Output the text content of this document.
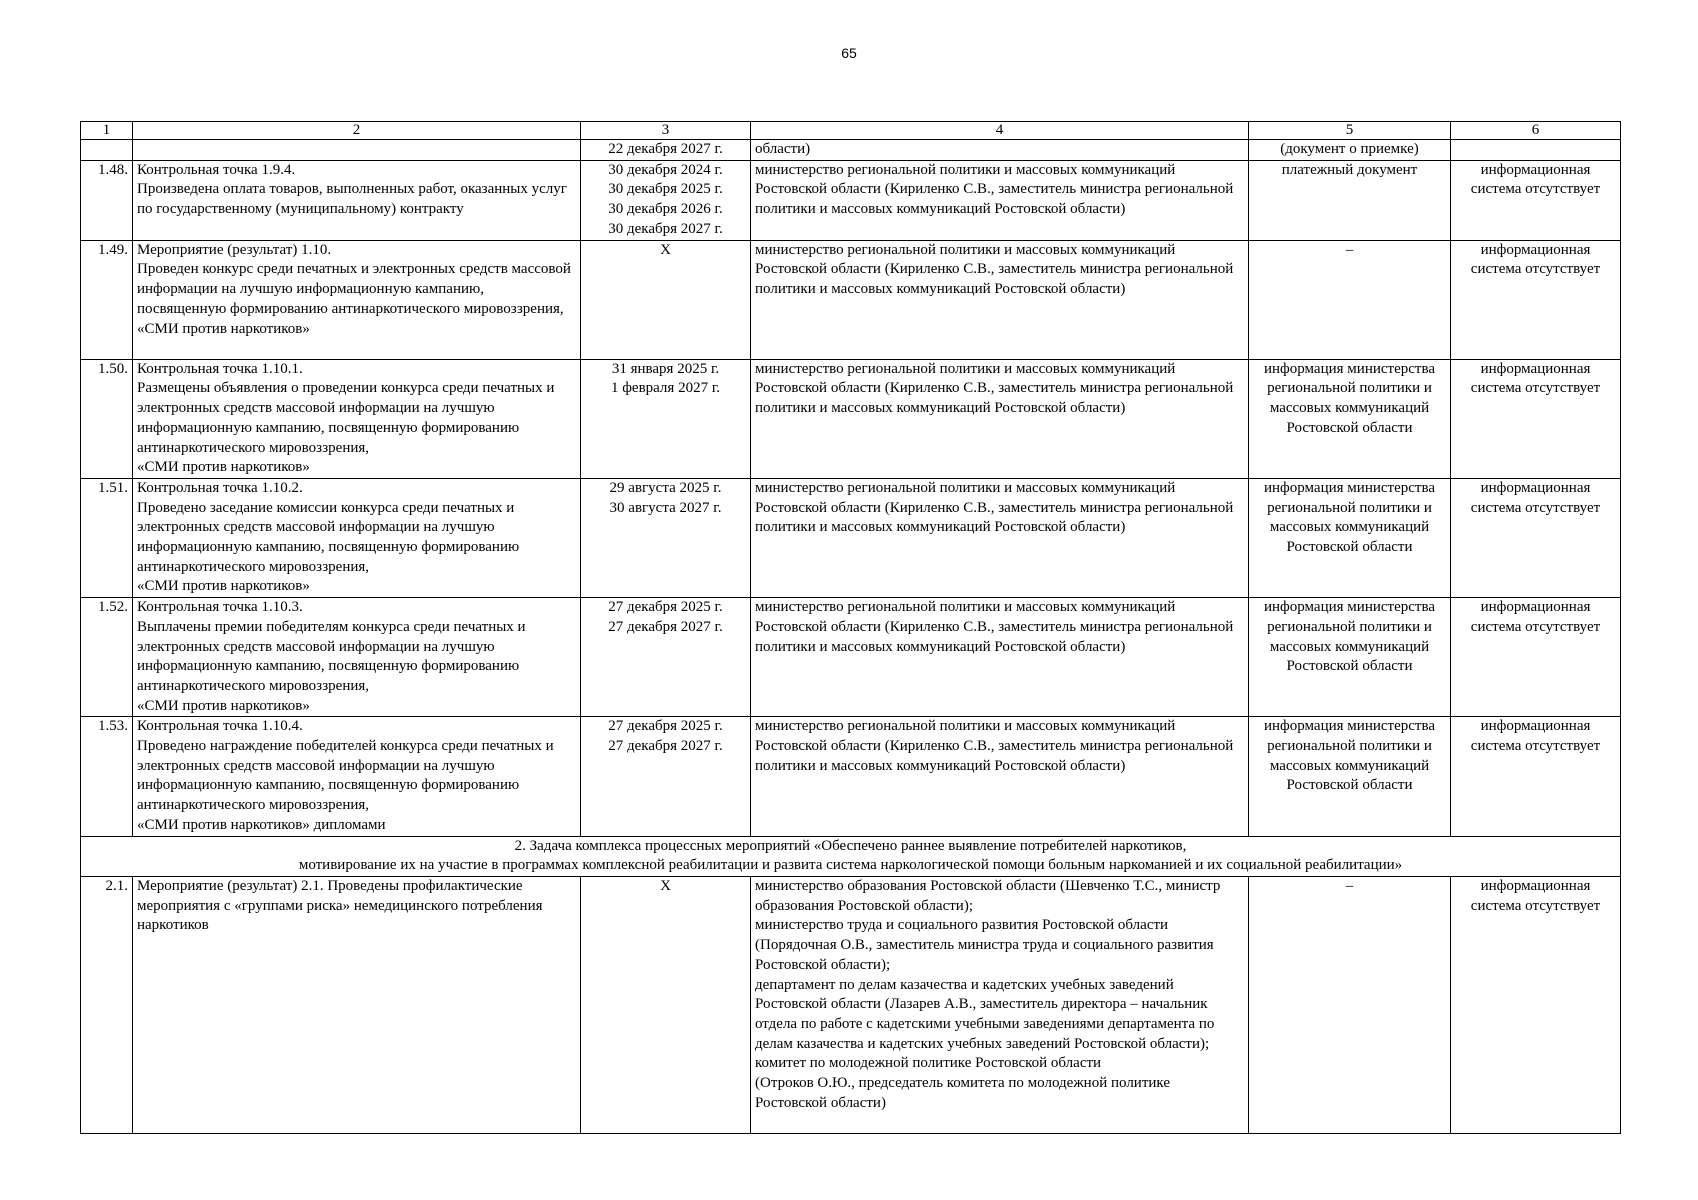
65
1	2	3	4	5	6
		22 декабря 2027 г.	области)	(документ о приемке)	
1.48.	Контрольная точка 1.9.4.
Произведена оплата товаров, выполненных работ, оказанных услуг по государственному (муниципальному) контракту	30 декабря 2024 г.
30 декабря 2025 г.
30 декабря 2026 г.
30 декабря 2027 г.	министерство региональной политики и массовых коммуникаций Ростовской области (Кириленко С.В., заместитель министра региональной политики и массовых коммуникаций Ростовской области)	платежный документ	информационная система отсутствует
1.49.	Мероприятие (результат) 1.10.
Проведен конкурс среди печатных и электронных средств массовой информации на лучшую информационную кампанию, посвященную формированию антинаркотического мировоззрения,
«СМИ против наркотиков»	Х	министерство региональной политики и массовых коммуникаций Ростовской области (Кириленко С.В., заместитель министра региональной политики и массовых коммуникаций Ростовской области)	–	информационная система отсутствует
1.50.	Контрольная точка 1.10.1.
Размещены объявления о проведении конкурса среди печатных и электронных средств массовой информации на лучшую информационную кампанию, посвященную формированию антинаркотического мировоззрения,
«СМИ против наркотиков»	31 января 2025 г.
1 февраля 2027 г.	министерство региональной политики и массовых коммуникаций Ростовской области (Кириленко С.В., заместитель министра региональной политики и массовых коммуникаций Ростовской области)	информация министерства региональной политики и массовых коммуникаций Ростовской области	информационная система отсутствует
1.51.	Контрольная точка 1.10.2.
Проведено заседание комиссии конкурса среди печатных и электронных средств массовой информации на лучшую информационную кампанию, посвященную формированию антинаркотического мировоззрения,
«СМИ против наркотиков»	29 августа 2025 г.
30 августа 2027 г.	министерство региональной политики и массовых коммуникаций Ростовской области (Кириленко С.В., заместитель министра региональной политики и массовых коммуникаций Ростовской области)	информация министерства региональной политики и массовых коммуникаций Ростовской области	информационная система отсутствует
1.52.	Контрольная точка 1.10.3.
Выплачены премии победителям конкурса среди печатных и электронных средств массовой информации на лучшую информационную кампанию, посвященную формированию антинаркотического мировоззрения,
«СМИ против наркотиков»	27 декабря 2025 г.
27 декабря 2027 г.	министерство региональной политики и массовых коммуникаций Ростовской области (Кириленко С.В., заместитель министра региональной политики и массовых коммуникаций Ростовской области)	информация министерства региональной политики и массовых коммуникаций Ростовской области	информационная система отсутствует
1.53.	Контрольная точка 1.10.4.
Проведено награждение победителей конкурса среди печатных и электронных средств массовой информации на лучшую информационную кампанию, посвященную формированию антинаркотического мировоззрения,
«СМИ против наркотиков» дипломами	27 декабря 2025 г.
27 декабря 2027 г.	министерство региональной политики и массовых коммуникаций Ростовской области (Кириленко С.В., заместитель министра региональной политики и массовых коммуникаций Ростовской области)	информация министерства региональной политики и массовых коммуникаций Ростовской области	информационная система отсутствует

2. Задача комплекса процессных мероприятий «Обеспечено раннее выявление потребителей наркотиков,
мотивирование их на участие в программах комплексной реабилитации и развита система наркологической помощи больным наркоманией и их социальной реабилитации»					

2.1.	Мероприятие (результат) 2.1. Проведены профилактические мероприятия с «группами риска» немедицинского потребления наркотиков	Х	министерство образования Ростовской области (Шевченко Т.С., министр образования Ростовской области);
министерство труда и социального развития Ростовской области (Порядочная О.В., заместитель министра труда и социального развития Ростовской области);
департамент по делам казачества и кадетских учебных заведений Ростовской области (Лазарев А.В., заместитель директора – начальник отдела по работе с кадетскими учебными заведениями департамента по делам казачества и кадетских учебных заведений Ростовской области);
комитет по молодежной политике Ростовской области
(Отроков О.Ю., председатель комитета по молодежной политике Ростовской области)	–	информационная система отсутствует
